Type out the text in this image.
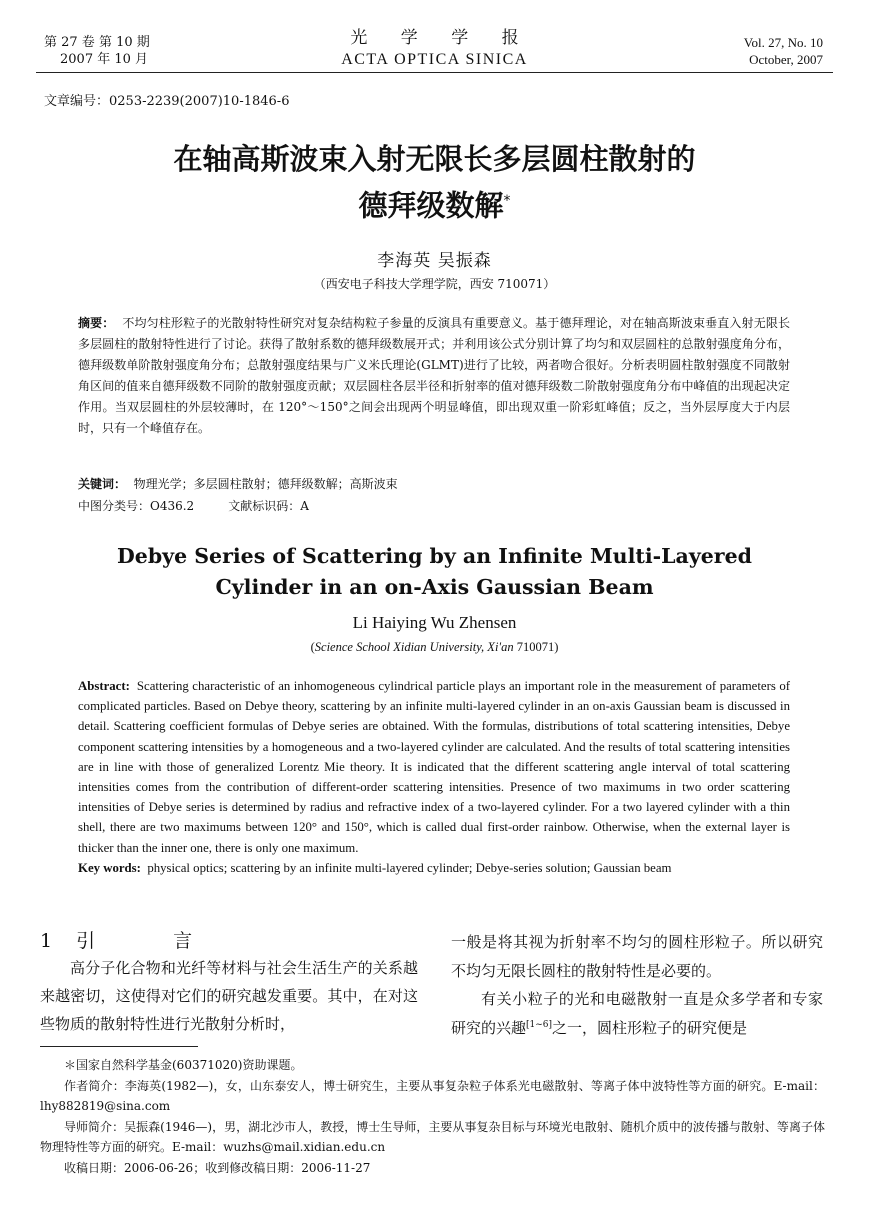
第 27 卷 第 10 期
2007 年 10 月
光 学 学 报
ACTA OPTICA SINICA
Vol. 27, No. 10
October, 2007
文章编号：0253-2239(2007)10-1846-6
在轴高斯波束入射无限长多层圆柱散射的
德拜级数解*
李海英 吴振森
（西安电子科技大学理学院，西安 710071）
摘要： 不均匀柱形粒子的光散射特性研究对复杂结构粒子参量的反演具有重要意义。基于德拜理论，对在轴高斯波束垂直入射无限长多层圆柱的散射特性进行了讨论。获得了散射系数的德拜级数展开式；并利用该公式分别计算了均匀和双层圆柱的总散射强度角分布，德拜级数单阶散射强度角分布；总散射强度结果与广义米氏理论(GLMT)进行了比较，两者吻合很好。分析表明圆柱散射强度不同散射角区间的值来自德拜级数不同阶的散射强度贡献；双层圆柱各层半径和折射率的值对德拜级数二阶散射强度角分布中峰值的出现起决定作用。当双层圆柱的外层较薄时，在 120°～150°之间会出现两个明显峰值，即出现双重一阶彩虹峰值；反之，当外层厚度大于内层时，只有一个峰值存在。
关键词： 物理光学；多层圆柱散射；德拜级数解；高斯波束
中图分类号：O436.2	文献标识码：A
Debye Series of Scattering by an Infinite Multi-Layered
Cylinder in an on-Axis Gaussian Beam
Li Haiying Wu Zhensen
(Science School Xidian University, Xi'an 710071)
Abstract: Scattering characteristic of an inhomogeneous cylindrical particle plays an important role in the measurement of parameters of complicated particles. Based on Debye theory, scattering by an infinite multi-layered cylinder in an on-axis Gaussian beam is discussed in detail. Scattering coefficient formulas of Debye series are obtained. With the formulas, distributions of total scattering intensities, Debye component scattering intensities by a homogeneous and a two-layered cylinder are calculated. And the results of total scattering intensities are in line with those of generalized Lorentz Mie theory. It is indicated that the different scattering angle interval of total scattering intensities comes from the contribution of different-order scattering intensities. Presence of two maximums in two order scattering intensities of Debye series is determined by radius and refractive index of a two-layered cylinder. For a two layered cylinder with a thin shell, there are two maximums between 120° and 150°, which is called dual first-order rainbow. Otherwise, when the external layer is thicker than the inner one, there is only one maximum.
Key words: physical optics; scattering by an infinite multi-layered cylinder; Debye-series solution; Gaussian beam
1 引 言
高分子化合物和光纤等材料与社会生活生产的关系越来越密切，这使得对它们的研究越发重要。其中，在对这些物质的散射特性进行光散射分析时，
一般是将其视为折射率不均匀的圆柱形粒子。所以研究不均匀无限长圆柱的散射特性是必要的。
有关小粒子的光和电磁散射一直是众多学者和专家研究的兴趣[1~6]之一，圆柱形粒子的研究便是

＊国家自然科学基金(60371020)资助课题。

作者简介：李海英(1982—)，女，山东泰安人，博士研究生，主要从事复杂粒子体系光电磁散射、等离子体中波特性等方面的研究。E-mail：lhy882819@sina.com

导师简介：吴振森(1946—)，男，湖北沙市人，教授，博士生导师，主要从事复杂目标与环境光电散射、随机介质中的波传播与散射、等离子体物理特性等方面的研究。E-mail：wuzhs@mail.xidian.edu.cn

收稿日期：2006-06-26；收到修改稿日期：2006-11-27
